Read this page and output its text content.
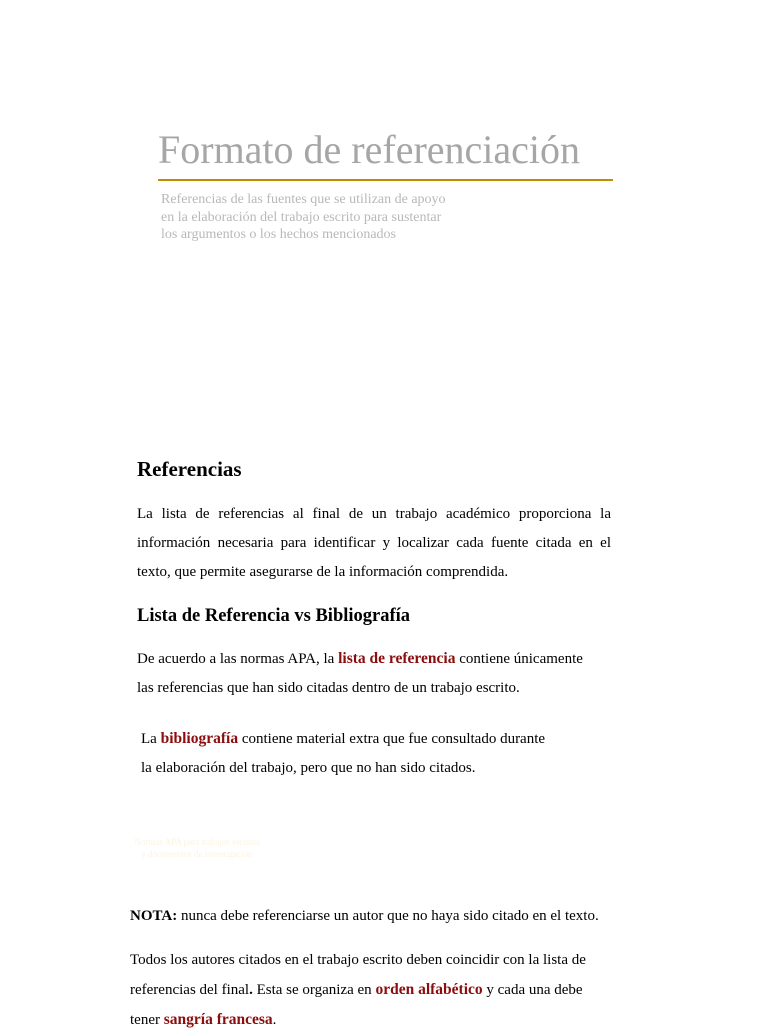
Formato de referenciación
Referencias de las fuentes que se utilizan de apoyo
en la elaboración del trabajo escrito para sustentar
los argumentos o los hechos mencionados
Referencias

La lista de referencias al final de un trabajo académico proporciona la información necesaria para identificar y localizar cada fuente citada en el texto, que permite asegurarse de la información comprendida.

Lista de Referencia vs Bibliografía
De acuerdo a las normas APA, la lista de referencia contiene únicamente
las referencias que han sido citadas dentro de un trabajo escrito.
La bibliografía contiene material extra que fue consultado durante
la elaboración del trabajo, pero que no han sido citados.
Normas APA para trabajos escritos
y documentos de investigación

NOTA: nunca debe referenciarse un autor que no haya sido citado en el texto.

Todos los autores citados en el trabajo escrito deben coincidir con la lista de
referencias del final. Esta se organiza en orden alfabético y cada una debe
tener sangría francesa.
